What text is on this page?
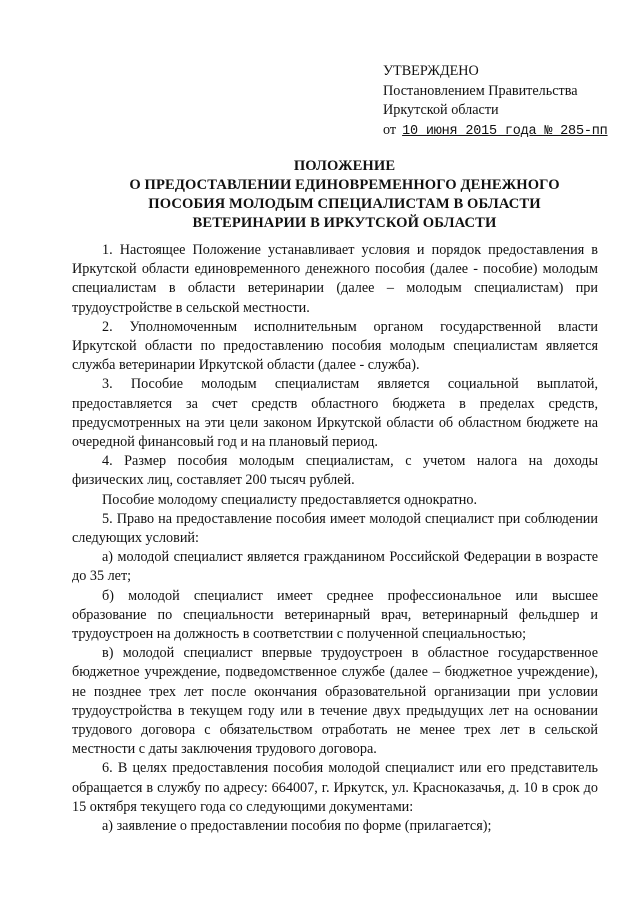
УТВЕРЖДЕНО
Постановлением Правительства
Иркутской области
от 10 июня 2015 года № 285-пп
ПОЛОЖЕНИЕ
О ПРЕДОСТАВЛЕНИИ ЕДИНОВРЕМЕННОГО ДЕНЕЖНОГО
ПОСОБИЯ МОЛОДЫМ СПЕЦИАЛИСТАМ В ОБЛАСТИ
ВЕТЕРИНАРИИ В ИРКУТСКОЙ ОБЛАСТИ

1. Настоящее Положение устанавливает условия и порядок предоставления в Иркутской области единовременного денежного пособия (далее - пособие) молодым специалистам в области ветеринарии (далее – молодым специалистам) при трудоустройстве в сельской местности.

2. Уполномоченным исполнительным органом государственной власти Иркутской области по предоставлению пособия молодым специалистам является служба ветеринарии Иркутской области (далее - служба).

3. Пособие молодым специалистам является социальной выплатой, предоставляется за счет средств областного бюджета в пределах средств, предусмотренных на эти цели законом Иркутской области об областном бюджете на очередной финансовый год и на плановый период.

4. Размер пособия молодым специалистам, с учетом налога на доходы физических лиц, составляет 200 тысяч рублей.

Пособие молодому специалисту предоставляется однократно.

5. Право на предоставление пособия имеет молодой специалист при соблюдении следующих условий:

а) молодой специалист является гражданином Российской Федерации в возрасте до 35 лет;

б) молодой специалист имеет среднее профессиональное или высшее образование по специальности ветеринарный врач, ветеринарный фельдшер и трудоустроен на должность в соответствии с полученной специальностью;

в) молодой специалист впервые трудоустроен в областное государственное бюджетное учреждение, подведомственное службе (далее – бюджетное учреждение), не позднее трех лет после окончания образовательной организации при условии трудоустройства в текущем году или в течение двух предыдущих лет на основании трудового договора с обязательством отработать не менее трех лет в сельской местности с даты заключения трудового договора.

6. В целях предоставления пособия молодой специалист или его представитель обращается в службу по адресу: 664007, г. Иркутск, ул. Красноказачья, д. 10 в срок до 15 октября текущего года со следующими документами:

а) заявление о предоставлении пособия по форме (прилагается);
